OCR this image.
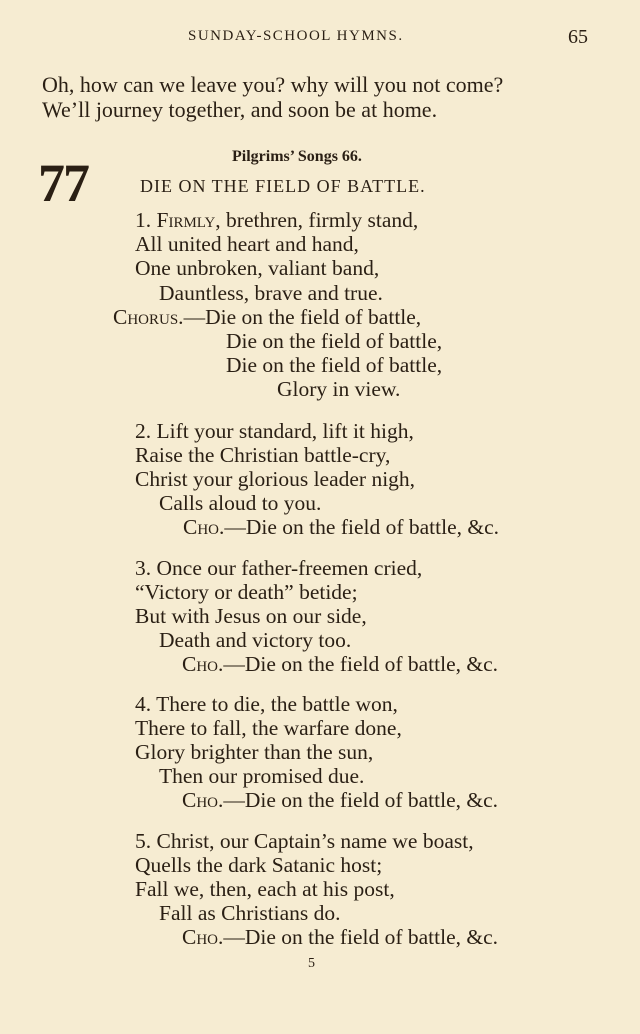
SUNDAY-SCHOOL HYMNS.	65
Oh, how can we leave you? why will you not come?
We’ll journey together, and soon be at home.
77	Pilgrims’ Songs 66.
DIE ON THE FIELD OF BATTLE.
1. Firmly, brethren, firmly stand,
All united heart and hand,
One unbroken, valiant band,
Dauntless, brave and true.
Chorus.—Die on the field of battle,
Die on the field of battle,
Die on the field of battle,
Glory in view.
2. Lift your standard, lift it high,
Raise the Christian battle-cry,
Christ your glorious leader nigh,
Calls aloud to you.
Cho.—Die on the field of battle, &c.
3. Once our father-freemen cried,
“Victory or death” betide;
But with Jesus on our side,
Death and victory too.
Cho.—Die on the field of battle, &c.
4. There to die, the battle won,
There to fall, the warfare done,
Glory brighter than the sun,
Then our promised due.
Cho.—Die on the field of battle, &c.
5. Christ, our Captain’s name we boast,
Quells the dark Satanic host;
Fall we, then, each at his post,
Fall as Christians do.
Cho.—Die on the field of battle, &c.
5
